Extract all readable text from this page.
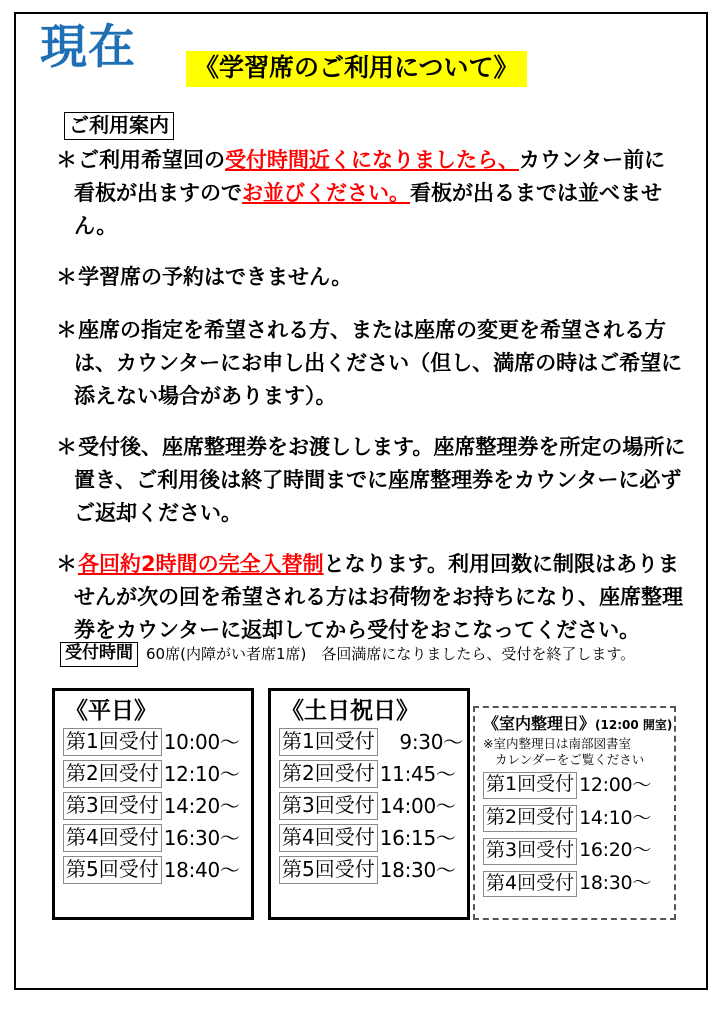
現在	《学習席のご利用について》
ご利用案内

＊ご利用希望回の受付時間近くになりましたら、カウンター前に看板が出ますのでお並びください。看板が出るまでは並べません。

＊学習席の予約はできません。

＊座席の指定を希望される方、または座席の変更を希望される方は、カウンターにお申し出ください（但し、満席の時はご希望に添えない場合があります）。

＊受付後、座席整理券をお渡しします。座席整理券を所定の場所に置き、ご利用後は終了時間までに座席整理券をカウンターに必ずご返却ください。

＊各回約2時間の完全入替制となります。利用回数に制限はありませんが次の回を希望される方はお荷物をお持ちになり、座席整理券をカウンターに返却してから受付をおこなってください。

受付時間 60席(内障がい者席1席)　各回満席になりましたら、受付を終了します。
《平日》
第1回受付 10:00〜
第2回受付 12:10〜
第3回受付 14:20〜
第4回受付 16:30〜
第5回受付 18:40〜
《土日祝日》
第1回受付 　9:30〜
第2回受付 11:45〜
第3回受付 14:00〜
第4回受付 16:15〜
第5回受付 18:30〜
《室内整理日》(12:00 開室)
※室内整理日は南部図書室
カレンダーをご覧ください
第1回受付 12:00〜
第2回受付 14:10〜
第3回受付 16:20〜
第4回受付 18:30〜
